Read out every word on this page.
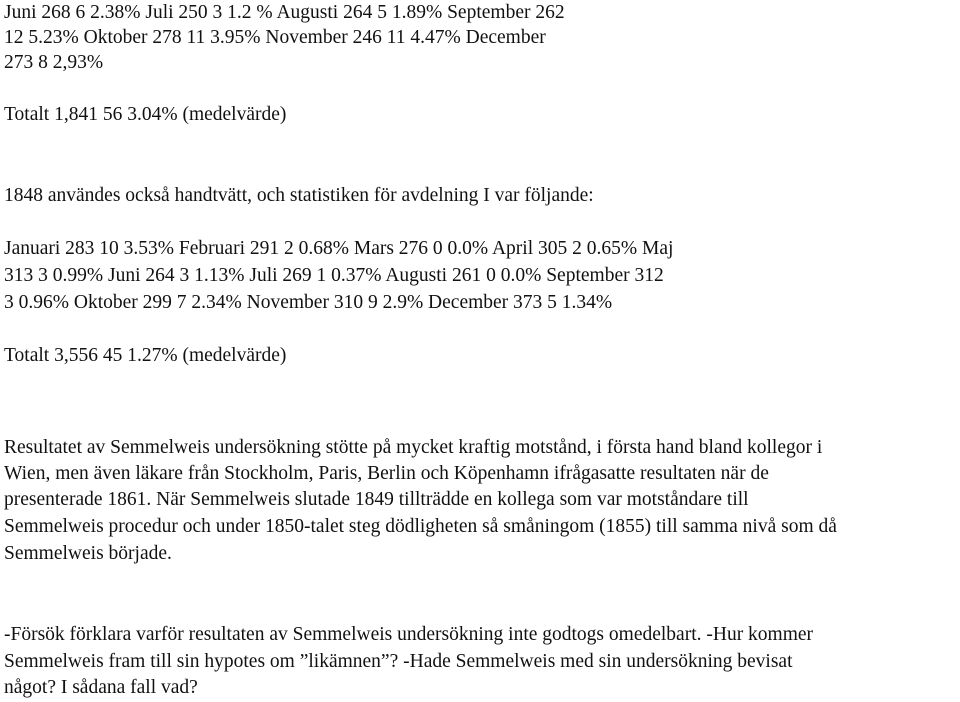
Juni 268 6 2.38% Juli 250 3 1.2 % Augusti 264 5 1.89% September 262
12 5.23% Oktober 278 11 3.95% November 246 11 4.47% December
273 8 2,93%
Totalt 1,841 56 3.04% (medelvärde)
1848 användes också handtvätt, och statistiken för avdelning I var följande:
Januari 283 10 3.53% Februari 291 2 0.68% Mars 276 0 0.0% April 305 2 0.65% Maj
313 3 0.99% Juni 264 3 1.13% Juli 269 1 0.37% Augusti 261 0 0.0% September 312
3 0.96% Oktober 299 7 2.34% November 310 9 2.9% December 373 5 1.34%
Totalt 3,556 45 1.27% (medelvärde)
Resultatet av Semmelweis undersökning stötte på mycket kraftig motstånd, i första hand bland kollegor i
Wien, men även läkare från Stockholm, Paris, Berlin och Köpenhamn ifrågasatte resultaten när de
presenterade 1861. När Semmelweis slutade 1849 tillträdde en kollega som var motståndare till
Semmelweis procedur och under 1850-talet steg dödligheten så småningom (1855) till samma nivå som då
Semmelweis började.
-Försök förklara varför resultaten av Semmelweis undersökning inte godtogs omedelbart. -Hur kommer
Semmelweis fram till sin hypotes om ”likämnen”? -Hade Semmelweis med sin undersökning bevisat
något? I sådana fall vad?
